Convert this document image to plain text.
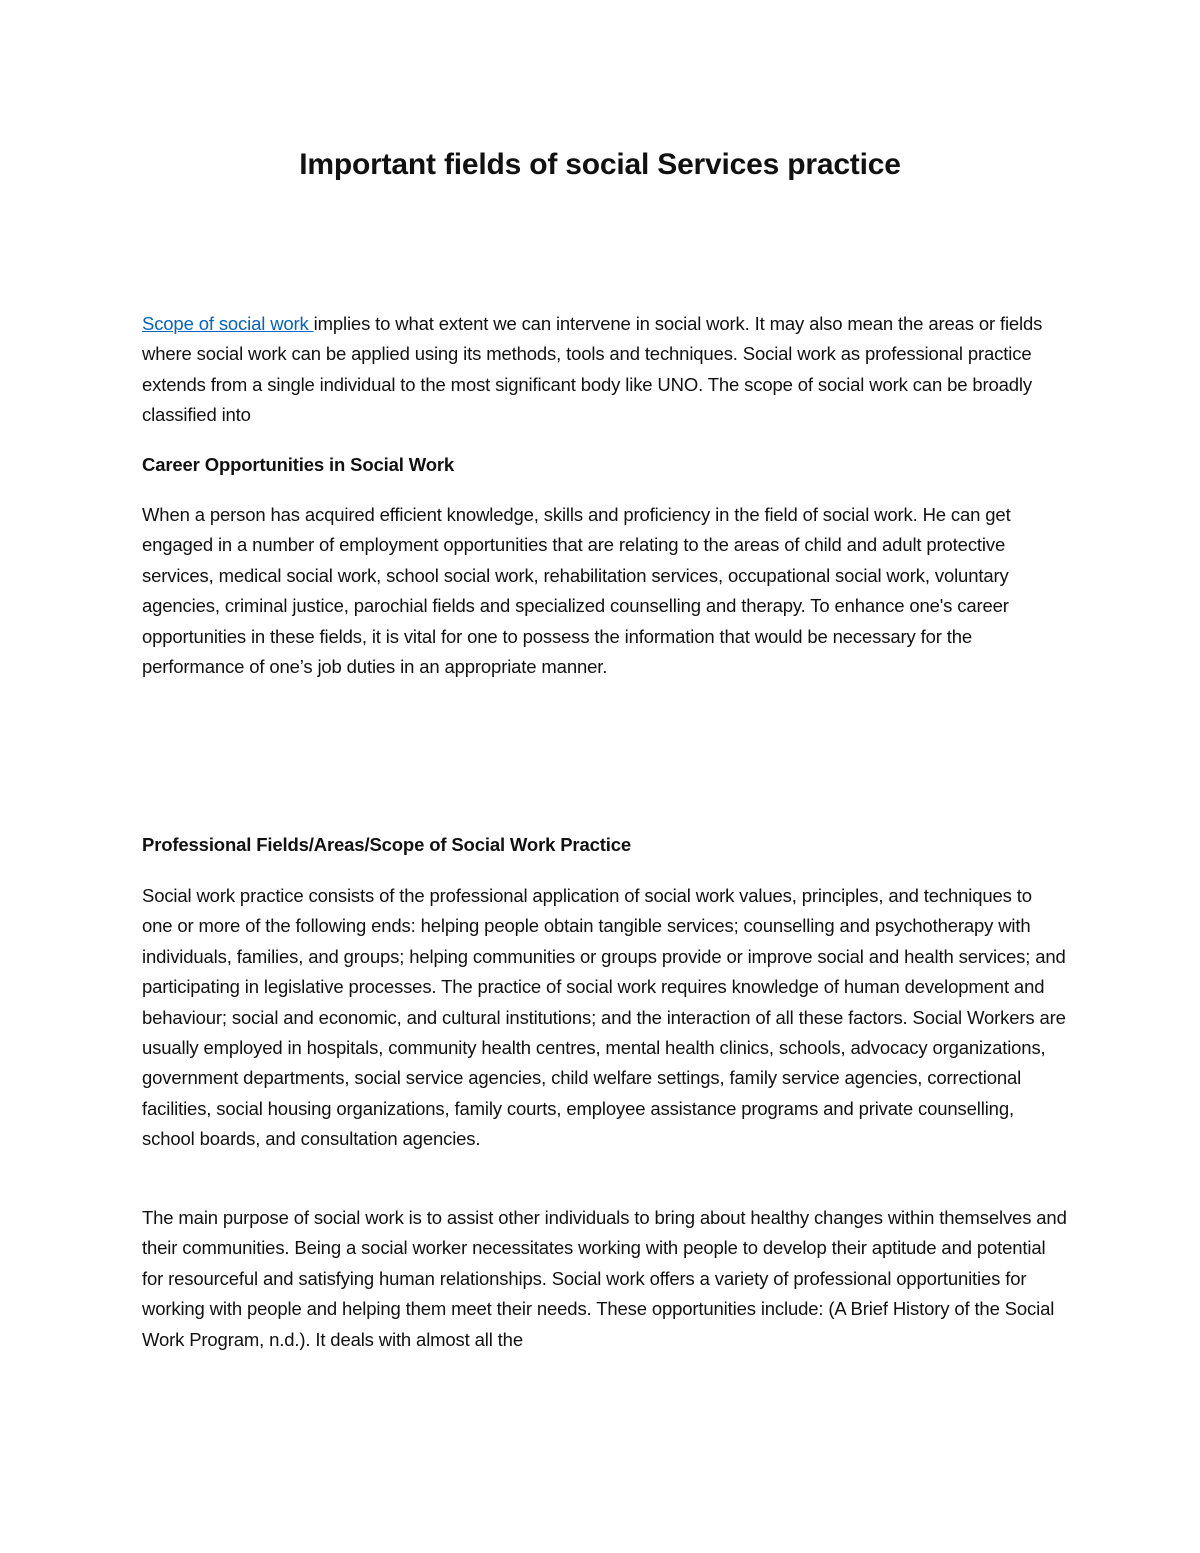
Important fields of social Services practice

Scope of social work implies to what extent we can intervene in social work. It may also mean the areas or fields where social work can be applied using its methods, tools and techniques. Social work as professional practice extends from a single individual to the most significant body like UNO. The scope of social work can be broadly classified into

Career Opportunities in Social Work

When a person has acquired efficient knowledge, skills and proficiency in the field of social work. He can get engaged in a number of employment opportunities that are relating to the areas of child and adult protective services, medical social work, school social work, rehabilitation services, occupational social work, voluntary agencies, criminal justice, parochial fields and specialized counselling and therapy. To enhance one's career opportunities in these fields, it is vital for one to possess the information that would be necessary for the performance of one’s job duties in an appropriate manner.

Professional Fields/Areas/Scope of Social Work Practice

Social work practice consists of the professional application of social work values, principles, and techniques to one or more of the following ends: helping people obtain tangible services; counselling and psychotherapy with individuals, families, and groups; helping communities or groups provide or improve social and health services; and participating in legislative processes. The practice of social work requires knowledge of human development and behaviour; social and economic, and cultural institutions; and the interaction of all these factors. Social Workers are usually employed in hospitals, community health centres, mental health clinics, schools, advocacy organizations, government departments, social service agencies, child welfare settings, family service agencies, correctional facilities, social housing organizations, family courts, employee assistance programs and private counselling, school boards, and consultation agencies.

The main purpose of social work is to assist other individuals to bring about healthy changes within themselves and their communities. Being a social worker necessitates working with people to develop their aptitude and potential for resourceful and satisfying human relationships. Social work offers a variety of professional opportunities for working with people and helping them meet their needs. These opportunities include: (A Brief History of the Social Work Program, n.d.). It deals with almost all the
